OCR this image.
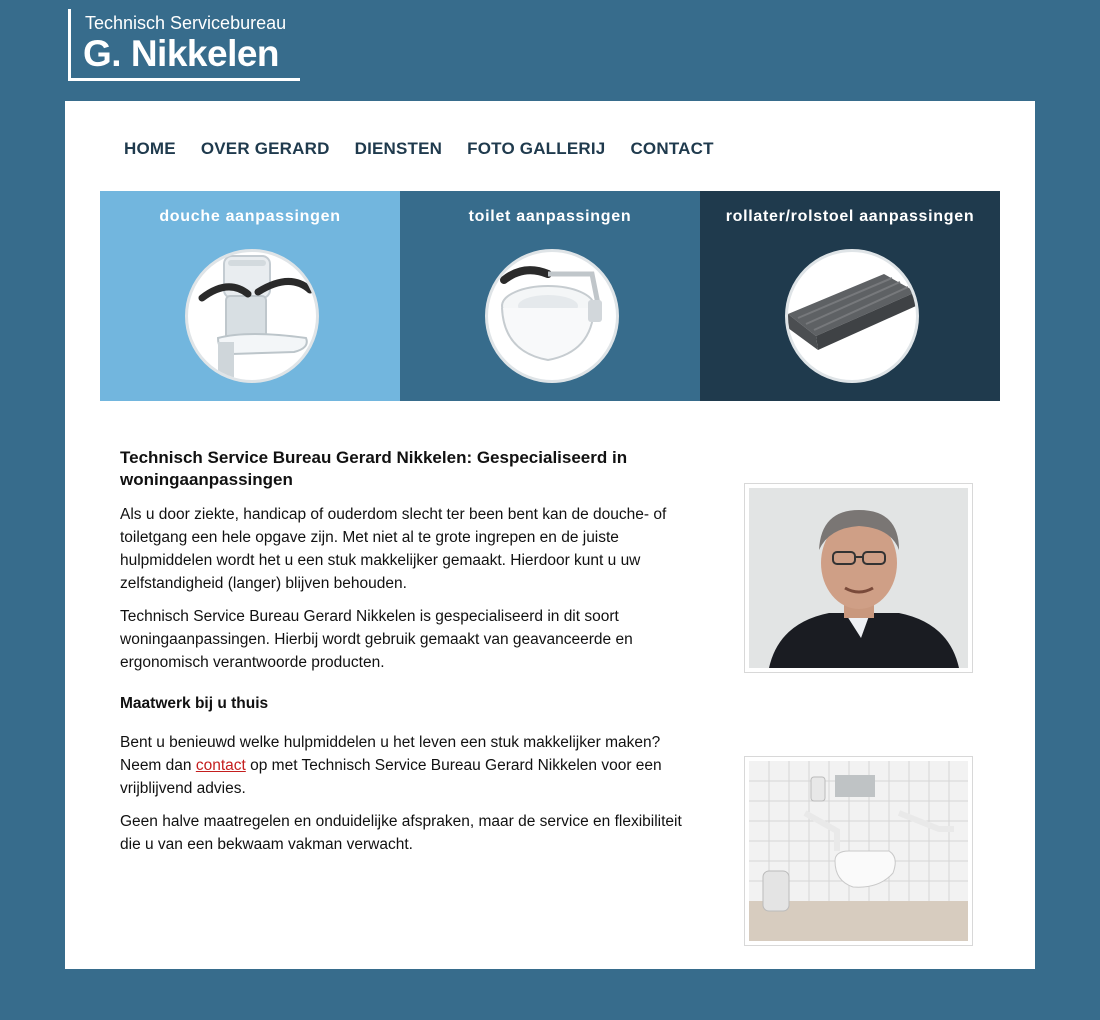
Technisch Servicebureau
G. Nikkelen
HOME OVER GERARD DIENSTEN FOTO GALLERIJ CONTACT
douche aanpassingen	toilet aanpassingen	rollater/rolstoel aanpassingen
Technisch Service Bureau Gerard Nikkelen: Gespecialiseerd in woningaanpassingen

Als u door ziekte, handicap of ouderdom slecht ter been bent kan de douche- of toiletgang een hele opgave zijn. Met niet al te grote ingrepen en de juiste hulpmiddelen wordt het u een stuk makkelijker gemaakt. Hierdoor kunt u uw zelfstandigheid (langer) blijven behouden.

Technisch Service Bureau Gerard Nikkelen is gespecialiseerd in dit soort woningaanpassingen. Hierbij wordt gebruik gemaakt van geavanceerde en ergonomisch verantwoorde producten.

Maatwerk bij u thuis

Bent u benieuwd welke hulpmiddelen u het leven een stuk makkelijker maken? Neem dan contact op met Technisch Service Bureau Gerard Nikkelen voor een vrijblijvend advies.

Geen halve maatregelen en onduidelijke afspraken, maar de service en flexibiliteit die u van een bekwaam vakman verwacht.
